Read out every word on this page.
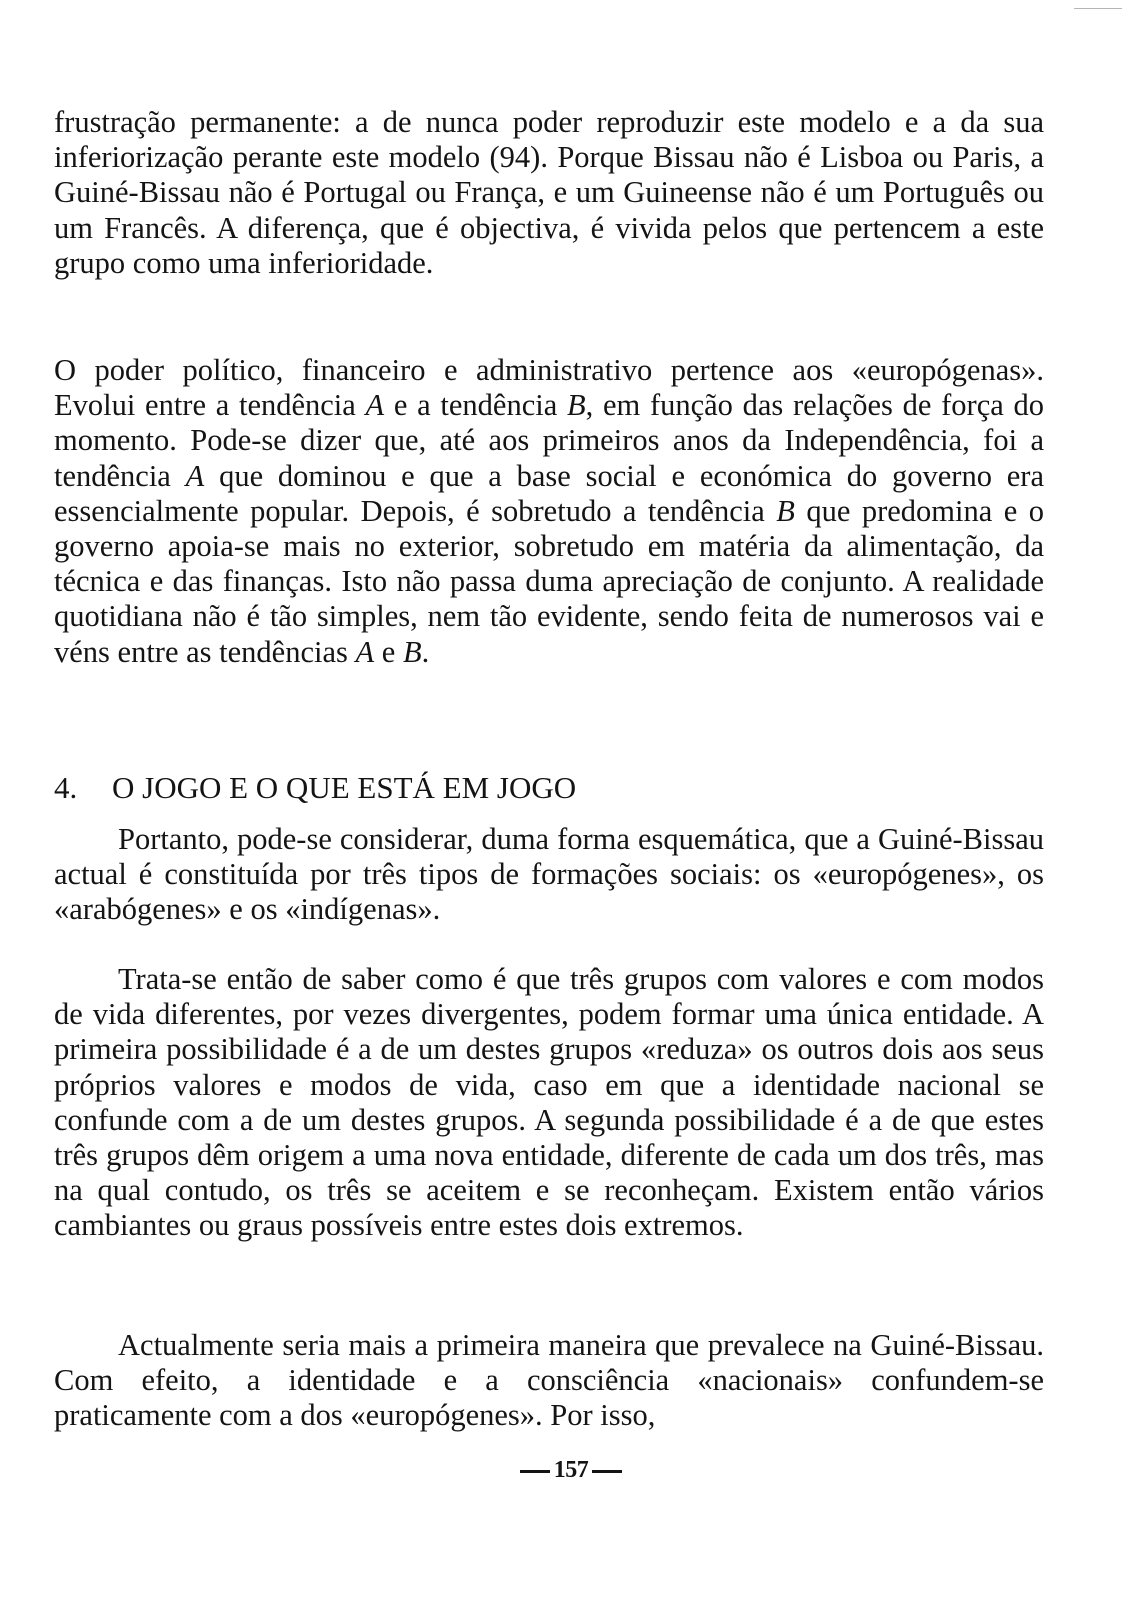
frustração permanente: a de nunca poder reproduzir este modelo e a da sua inferiorização perante este modelo (94). Porque Bissau não é Lisboa ou Paris, a Guiné-Bissau não é Portugal ou França, e um Guineense não é um Português ou um Francês. A diferença, que é objectiva, é vivida pelos que pertencem a este grupo como uma inferioridade.

O poder político, financeiro e administrativo pertence aos «europógenas». Evolui entre a tendência A e a tendência B, em função das relações de força do momento. Pode-se dizer que, até aos primeiros anos da Independência, foi a tendência A que dominou e que a base social e económica do governo era essencialmente popular. Depois, é sobretudo a tendência B que predomina e o governo apoia-se mais no exterior, sobretudo em matéria da alimentação, da técnica e das finanças. Isto não passa duma apreciação de conjunto. A realidade quotidiana não é tão simples, nem tão evidente, sendo feita de numerosos vai e véns entre as tendências A e B.

4. O JOGO E O QUE ESTÁ EM JOGO

Portanto, pode-se considerar, duma forma esquemática, que a Guiné-Bissau actual é constituída por três tipos de formações sociais: os «europógenes», os «arabógenes» e os «indígenas».

Trata-se então de saber como é que três grupos com valores e com modos de vida diferentes, por vezes divergentes, podem formar uma única entidade. A primeira possibilidade é a de um destes grupos «reduza» os outros dois aos seus próprios valores e modos de vida, caso em que a identidade nacional se confunde com a de um destes grupos. A segunda possibilidade é a de que estes três grupos dêm origem a uma nova entidade, diferente de cada um dos três, mas na qual contudo, os três se aceitem e se reconheçam. Existem então vários cambiantes ou graus possíveis entre estes dois extremos.

Actualmente seria mais a primeira maneira que prevalece na Guiné-Bissau. Com efeito, a identidade e a consciência «nacionais» confundem-se praticamente com a dos «europógenes». Por isso,

157
